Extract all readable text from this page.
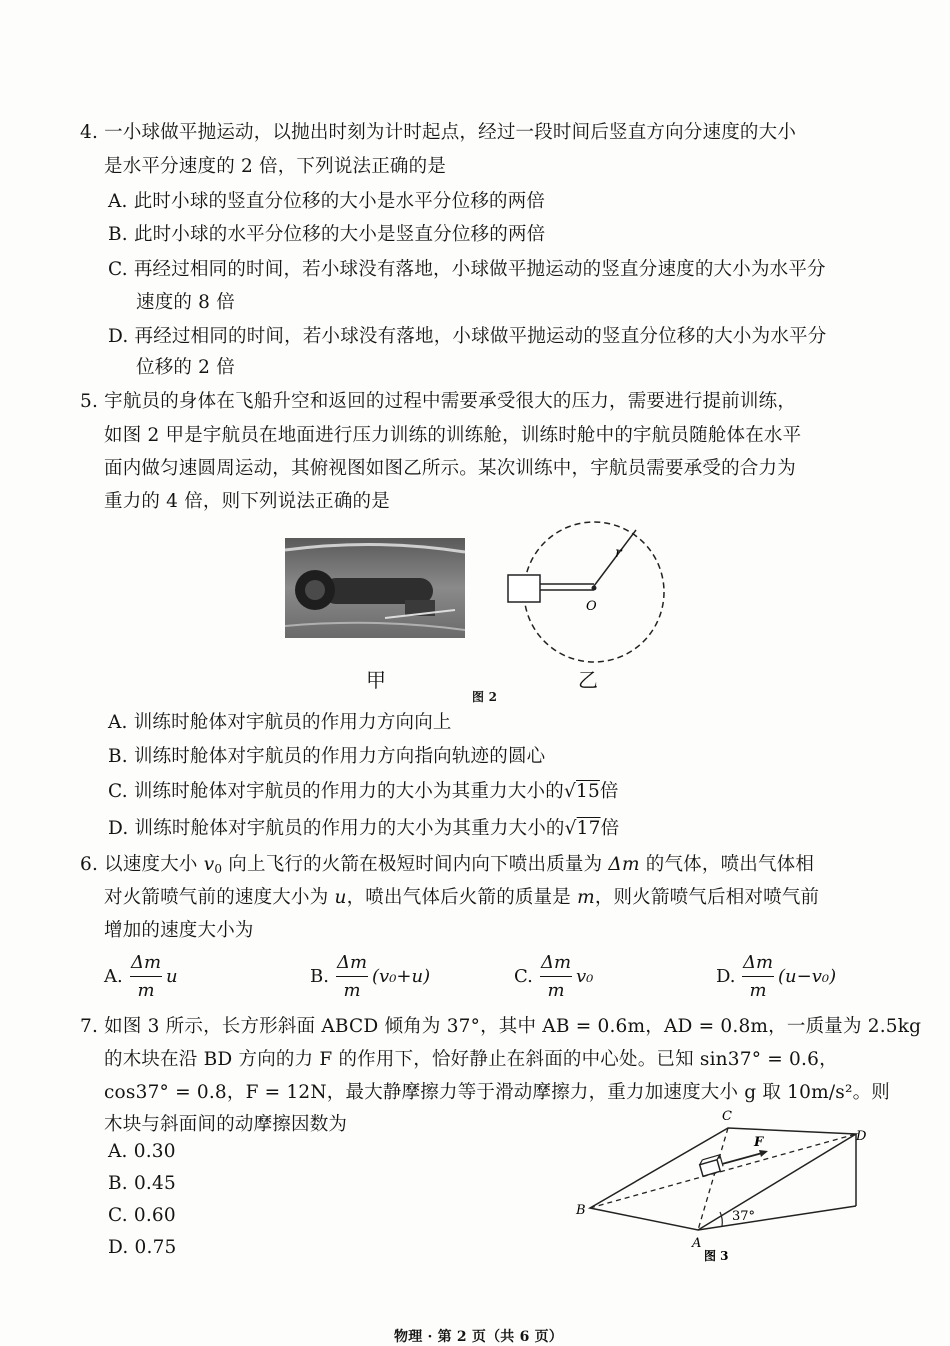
4. 一小球做平抛运动，以抛出时刻为计时起点，经过一段时间后竖直方向分速度的大小
是水平分速度的 2 倍，下列说法正确的是
A. 此时小球的竖直分位移的大小是水平分位移的两倍
B. 此时小球的水平分位移的大小是竖直分位移的两倍
C. 再经过相同的时间，若小球没有落地，小球做平抛运动的竖直分速度的大小为水平分
速度的 8 倍
D. 再经过相同的时间，若小球没有落地，小球做平抛运动的竖直分位移的大小为水平分
位移的 2 倍
5. 宇航员的身体在飞船升空和返回的过程中需要承受很大的压力，需要进行提前训练，
如图 2 甲是宇航员在地面进行压力训练的训练舱，训练时舱中的宇航员随舱体在水平
面内做匀速圆周运动，其俯视图如图乙所示。某次训练中，宇航员需要承受的合力为
重力的 4 倍，则下列说法正确的是
r
O
甲	乙
图 2
A. 训练时舱体对宇航员的作用力方向向上
B. 训练时舱体对宇航员的作用力方向指向轨迹的圆心
C. 训练时舱体对宇航员的作用力的大小为其重力大小的√15倍
D. 训练时舱体对宇航员的作用力的大小为其重力大小的√17倍
6. 以速度大小 $v_0$ 向上飞行的火箭在极短时间内向下喷出质量为 Δm 的气体，喷出气体相
对火箭喷气前的速度大小为 u，喷出气体后火箭的质量是 m，则火箭喷气后相对喷气前
增加的速度大小为
A.
Δm
m
u	B.
Δm
m
(v₀+u)	C.
Δm
m
v₀	D.
Δm
m
(u−v₀)
7. 如图 3 所示，长方形斜面 ABCD 倾角为 37°，其中 AB = 0.6m，AD = 0.8m，一质量为 2.5kg
的木块在沿 BD 方向的力 F 的作用下，恰好静止在斜面的中心处。已知 sin37° = 0.6，
cos37° = 0.8，F = 12N，最大静摩擦力等于滑动摩擦力，重力加速度大小 g 取 10m/s²。则
木块与斜面间的动摩擦因数为
A. 0.30
B. 0.45
C. 0.60
D. 0.75
F
37°
C
D
B
A
图 3
物理 · 第 2 页（共 6 页）
